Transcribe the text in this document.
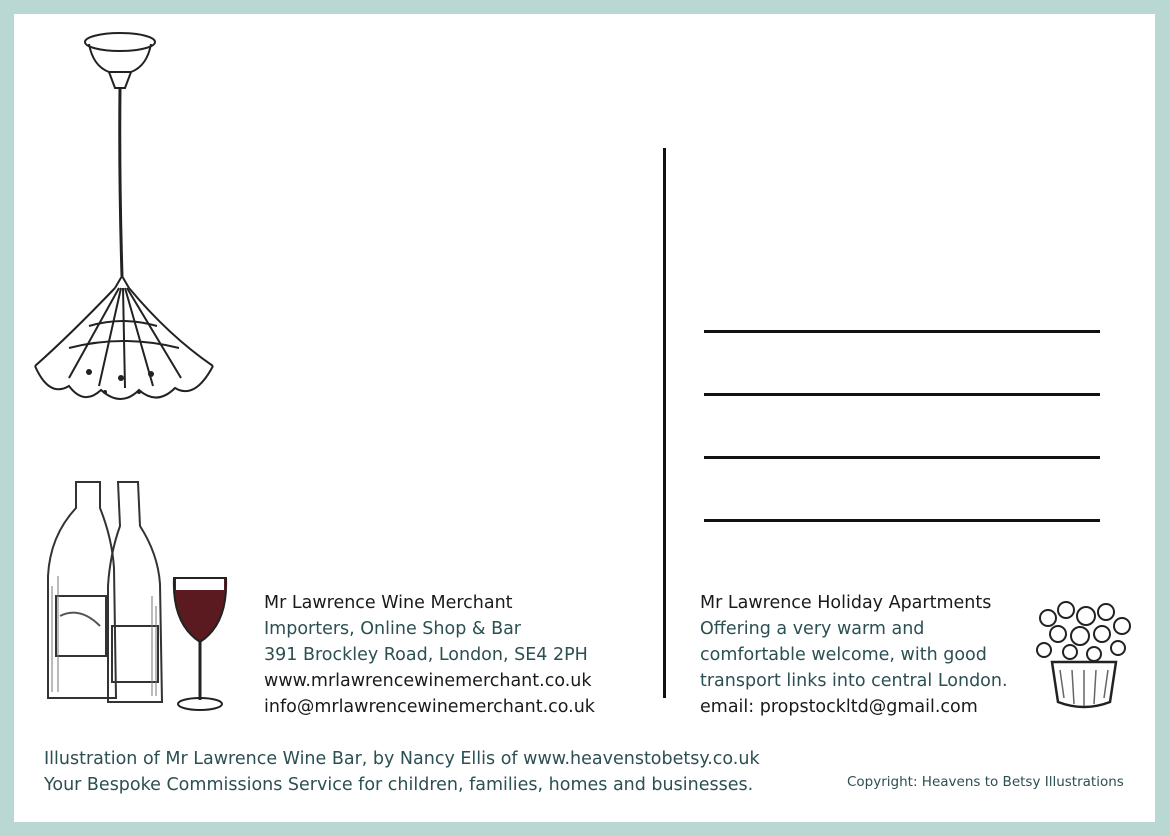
Mr Lawrence Wine Merchant
Importers, Online Shop & Bar
391 Brockley Road, London, SE4 2PH
www.mrlawrencewinemerchant.co.uk
info@mrlawrencewinemerchant.co.uk
Mr Lawrence Holiday Apartments
Offering a very warm and
comfortable welcome, with good
transport links into central London.
email: propstockltd@gmail.com
Illustration of Mr Lawrence Wine Bar, by Nancy Ellis of www.heavenstobetsy.co.uk
Your Bespoke Commissions Service for children, families, homes and businesses.	Copyright: Heavens to Betsy Illustrations
